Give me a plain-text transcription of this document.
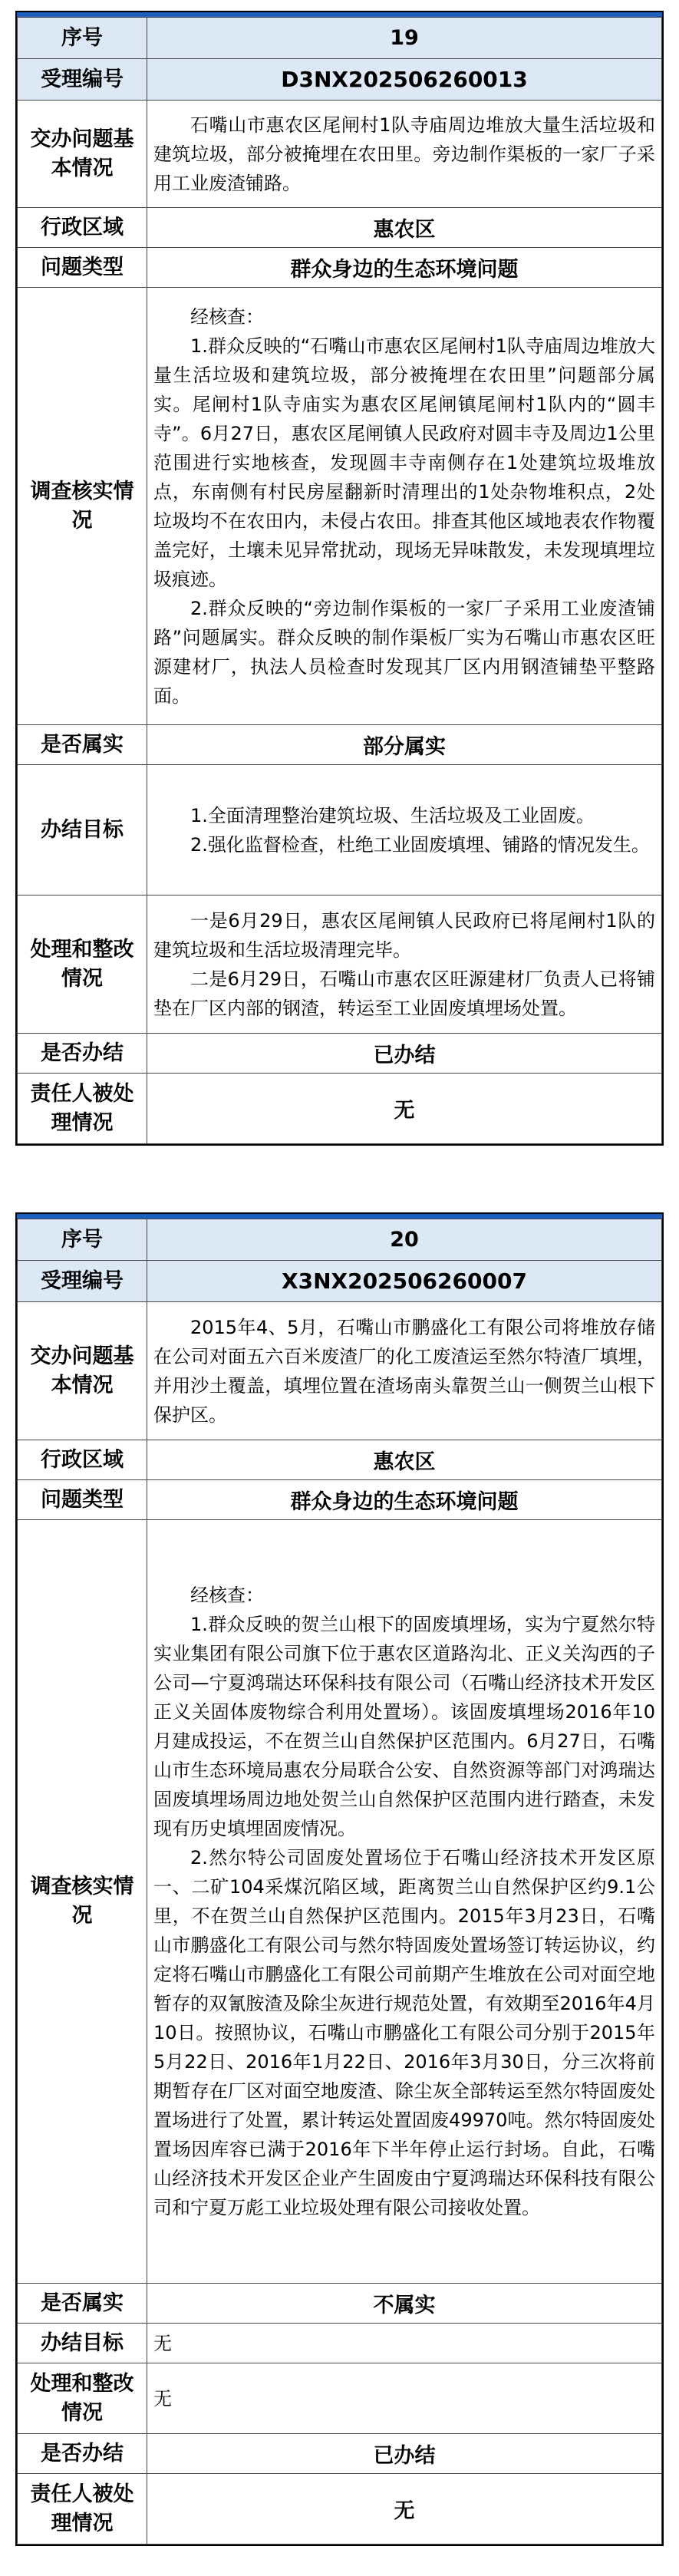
序号	19
受理编号	D3NX202506260013
交办问题基本情况	石嘴山市惠农区尾闸村1队寺庙周边堆放大量生活垃圾和建筑垃圾，部分被掩埋在农田里。旁边制作渠板的一家厂子采用工业废渣铺路。

行政区域	惠农区
问题类型	群众身边的生态环境问题
调查核实情况	经核查：

1.群众反映的“石嘴山市惠农区尾闸村1队寺庙周边堆放大量生活垃圾和建筑垃圾，部分被掩埋在农田里”问题部分属实。尾闸村1队寺庙实为惠农区尾闸镇尾闸村1队内的“圆丰寺”。6月27日，惠农区尾闸镇人民政府对圆丰寺及周边1公里范围进行实地核查，发现圆丰寺南侧存在1处建筑垃圾堆放点，东南侧有村民房屋翻新时清理出的1处杂物堆积点，2处垃圾均不在农田内，未侵占农田。排查其他区域地表农作物覆盖完好，土壤未见异常扰动，现场无异味散发，未发现填埋垃圾痕迹。

2.群众反映的“旁边制作渠板的一家厂子采用工业废渣铺路”问题属实。群众反映的制作渠板厂实为石嘴山市惠农区旺源建材厂，执法人员检查时发现其厂区内用钢渣铺垫平整路面。

是否属实	部分属实
办结目标	1.全面清理整治建筑垃圾、生活垃圾及工业固废。

2.强化监督检查，杜绝工业固废填埋、铺路的情况发生。

处理和整改情况	一是6月29日，惠农区尾闸镇人民政府已将尾闸村1队的建筑垃圾和生活垃圾清理完毕。

二是6月29日，石嘴山市惠农区旺源建材厂负责人已将铺垫在厂区内部的钢渣，转运至工业固废填埋场处置。

是否办结	已办结
责任人被处理情况	无
序号	20
受理编号	X3NX202506260007
交办问题基本情况	2015年4、5月，石嘴山市鹏盛化工有限公司将堆放存储在公司对面五六百米废渣厂的化工废渣运至然尔特渣厂填埋，并用沙土覆盖，填埋位置在渣场南头靠贺兰山一侧贺兰山根下保护区。

行政区域	惠农区
问题类型	群众身边的生态环境问题
调查核实情况	经核查：

1.群众反映的贺兰山根下的固废填埋场，实为宁夏然尔特实业集团有限公司旗下位于惠农区道路沟北、正义关沟西的子公司—宁夏鸿瑞达环保科技有限公司（石嘴山经济技术开发区正义关固体废物综合利用处置场）。该固废填埋场2016年10月建成投运，不在贺兰山自然保护区范围内。6月27日，石嘴山市生态环境局惠农分局联合公安、自然资源等部门对鸿瑞达固废填埋场周边地处贺兰山自然保护区范围内进行踏查，未发现有历史填埋固废情况。

2.然尔特公司固废处置场位于石嘴山经济技术开发区原一、二矿104采煤沉陷区域，距离贺兰山自然保护区约9.1公里，不在贺兰山自然保护区范围内。2015年3月23日，石嘴山市鹏盛化工有限公司与然尔特固废处置场签订转运协议，约定将石嘴山市鹏盛化工有限公司前期产生堆放在公司对面空地暂存的双氰胺渣及除尘灰进行规范处置，有效期至2016年4月10日。按照协议，石嘴山市鹏盛化工有限公司分别于2015年5月22日、2016年1月22日、2016年3月30日，分三次将前期暂存在厂区对面空地废渣、除尘灰全部转运至然尔特固废处置场进行了处置，累计转运处置固废49970吨。然尔特固废处置场因库容已满于2016年下半年停止运行封场。自此，石嘴山经济技术开发区企业产生固废由宁夏鸿瑞达环保科技有限公司和宁夏万彪工业垃圾处理有限公司接收处置。

是否属实	不属实
办结目标	无
处理和整改情况	无
是否办结	已办结
责任人被处理情况	无
